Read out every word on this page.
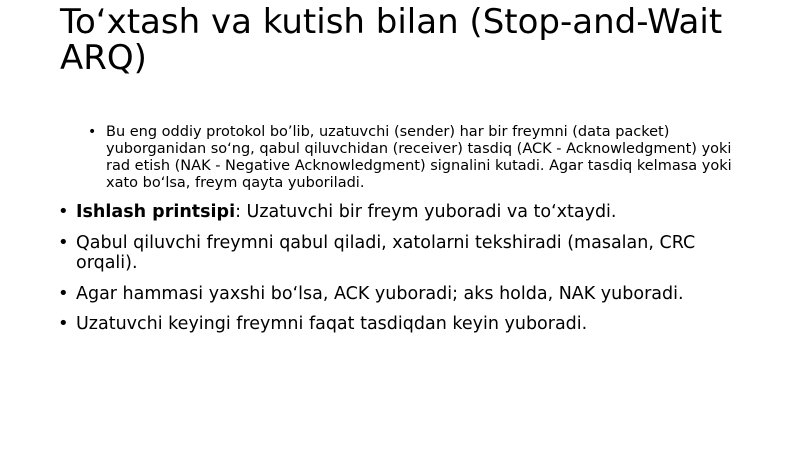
To‘xtash va kutish bilan (Stop-and-Wait ARQ)
• Bu eng oddiy protokol bo’lib, uzatuvchi (sender) har bir freymni (data packet) yuborganidan so‘ng, qabul qiluvchidan (receiver) tasdiq (ACK - Acknowledgment) yoki rad etish (NAK - Negative Acknowledgment) signalini kutadi. Agar tasdiq kelmasa yoki xato bo‘lsa, freym qayta yuboriladi.
• Ishlash printsipi: Uzatuvchi bir freym yuboradi va to‘xtaydi.
• Qabul qiluvchi freymni qabul qiladi, xatolarni tekshiradi (masalan, CRC orqali).
• Agar hammasi yaxshi bo‘lsa, ACK yuboradi; aks holda, NAK yuboradi.
• Uzatuvchi keyingi freymni faqat tasdiqdan keyin yuboradi.
